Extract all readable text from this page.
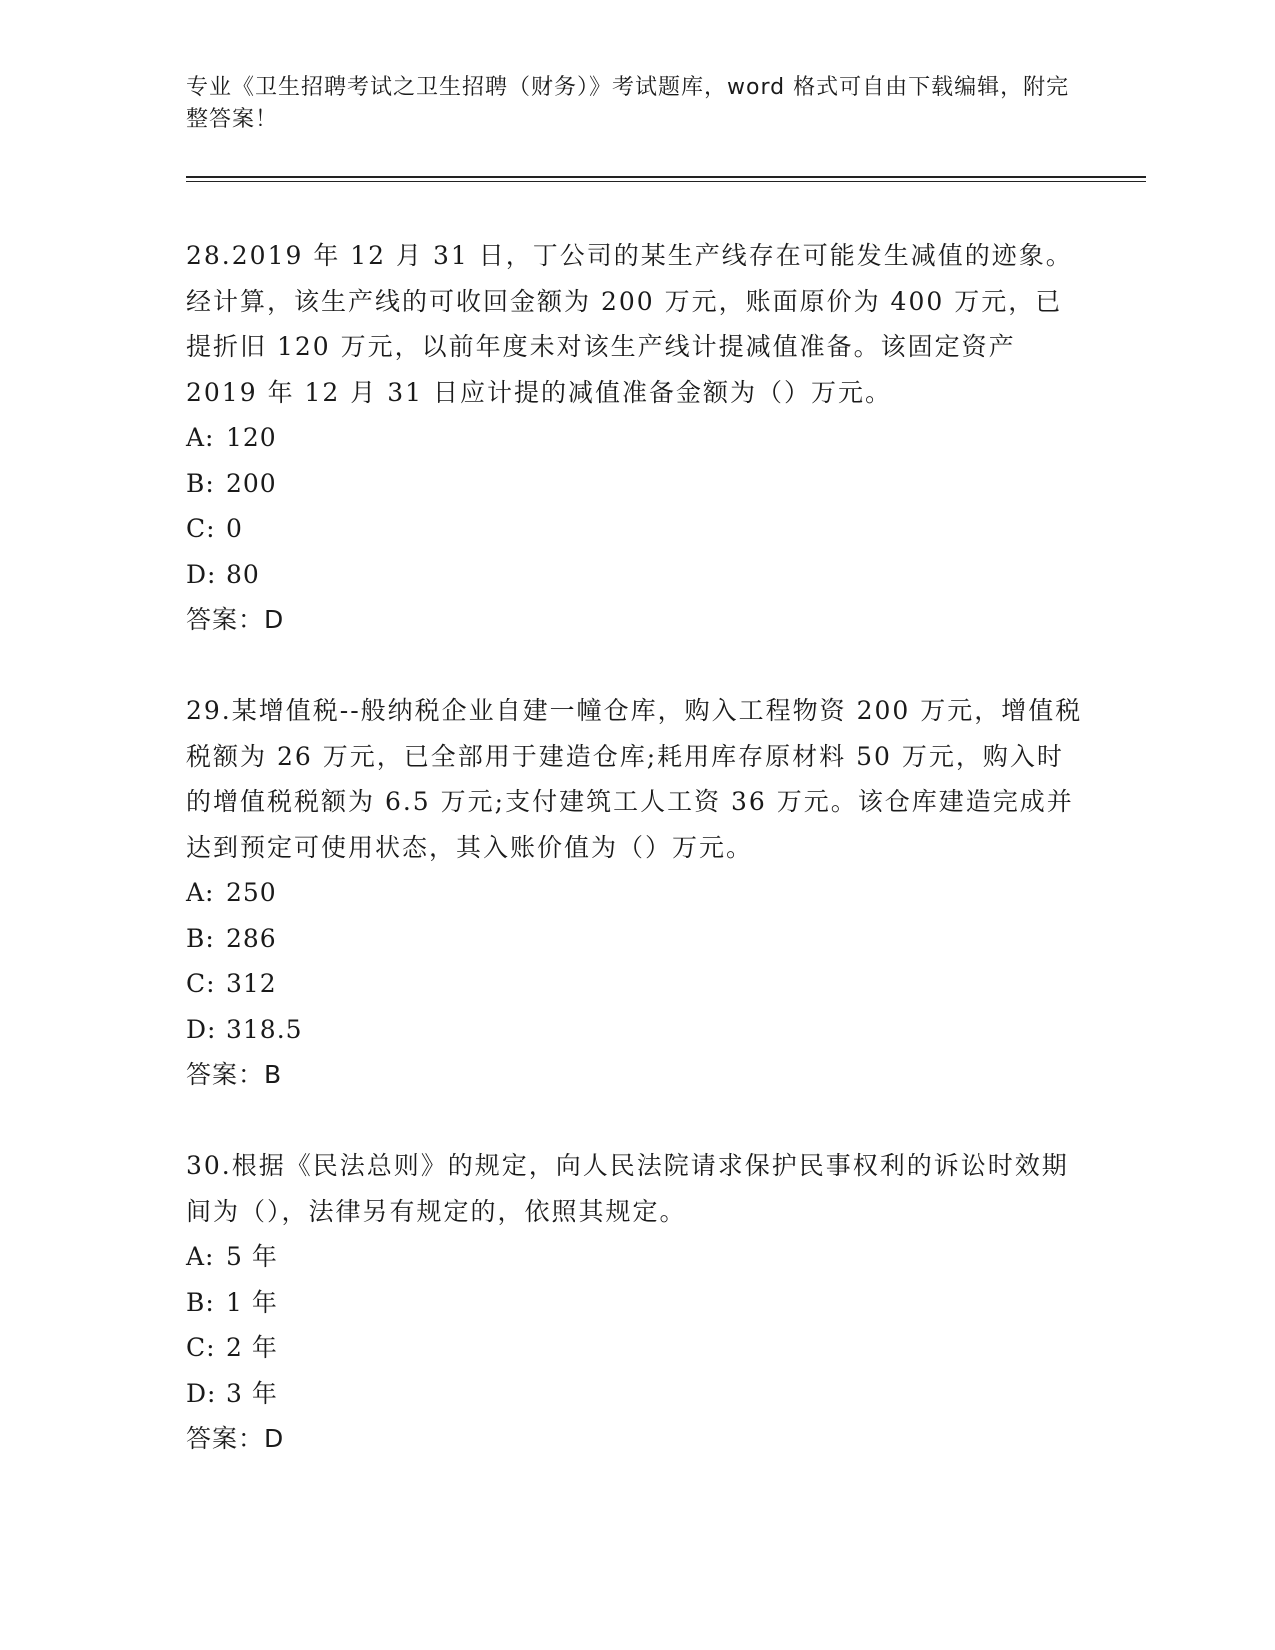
专业《卫生招聘考试之卫生招聘（财务）》考试题库，word 格式可自由下载编辑，附完整答案！

28.2019 年 12 月 31 日，丁公司的某生产线存在可能发生减值的迹象。经计算，该生产线的可收回金额为 200 万元，账面原价为 400 万元，已提折旧 120 万元，以前年度未对该生产线计提减值准备。该固定资产 2019 年 12 月 31 日应计提的减值准备金额为（）万元。

A: 120

B: 200

C: 0

D: 80

答案：D

29.某增值税--般纳税企业自建一幢仓库，购入工程物资 200 万元，增值税税额为 26 万元，已全部用于建造仓库;耗用库存原材料 50 万元，购入时的增值税税额为 6.5 万元;支付建筑工人工资 36 万元。该仓库建造完成并达到预定可使用状态，其入账价值为（）万元。

A: 250

B: 286

C: 312

D: 318.5

答案：B

30.根据《民法总则》的规定，向人民法院请求保护民事权利的诉讼时效期间为（），法律另有规定的，依照其规定。

A: 5 年

B: 1 年

C: 2 年

D: 3 年

答案：D
